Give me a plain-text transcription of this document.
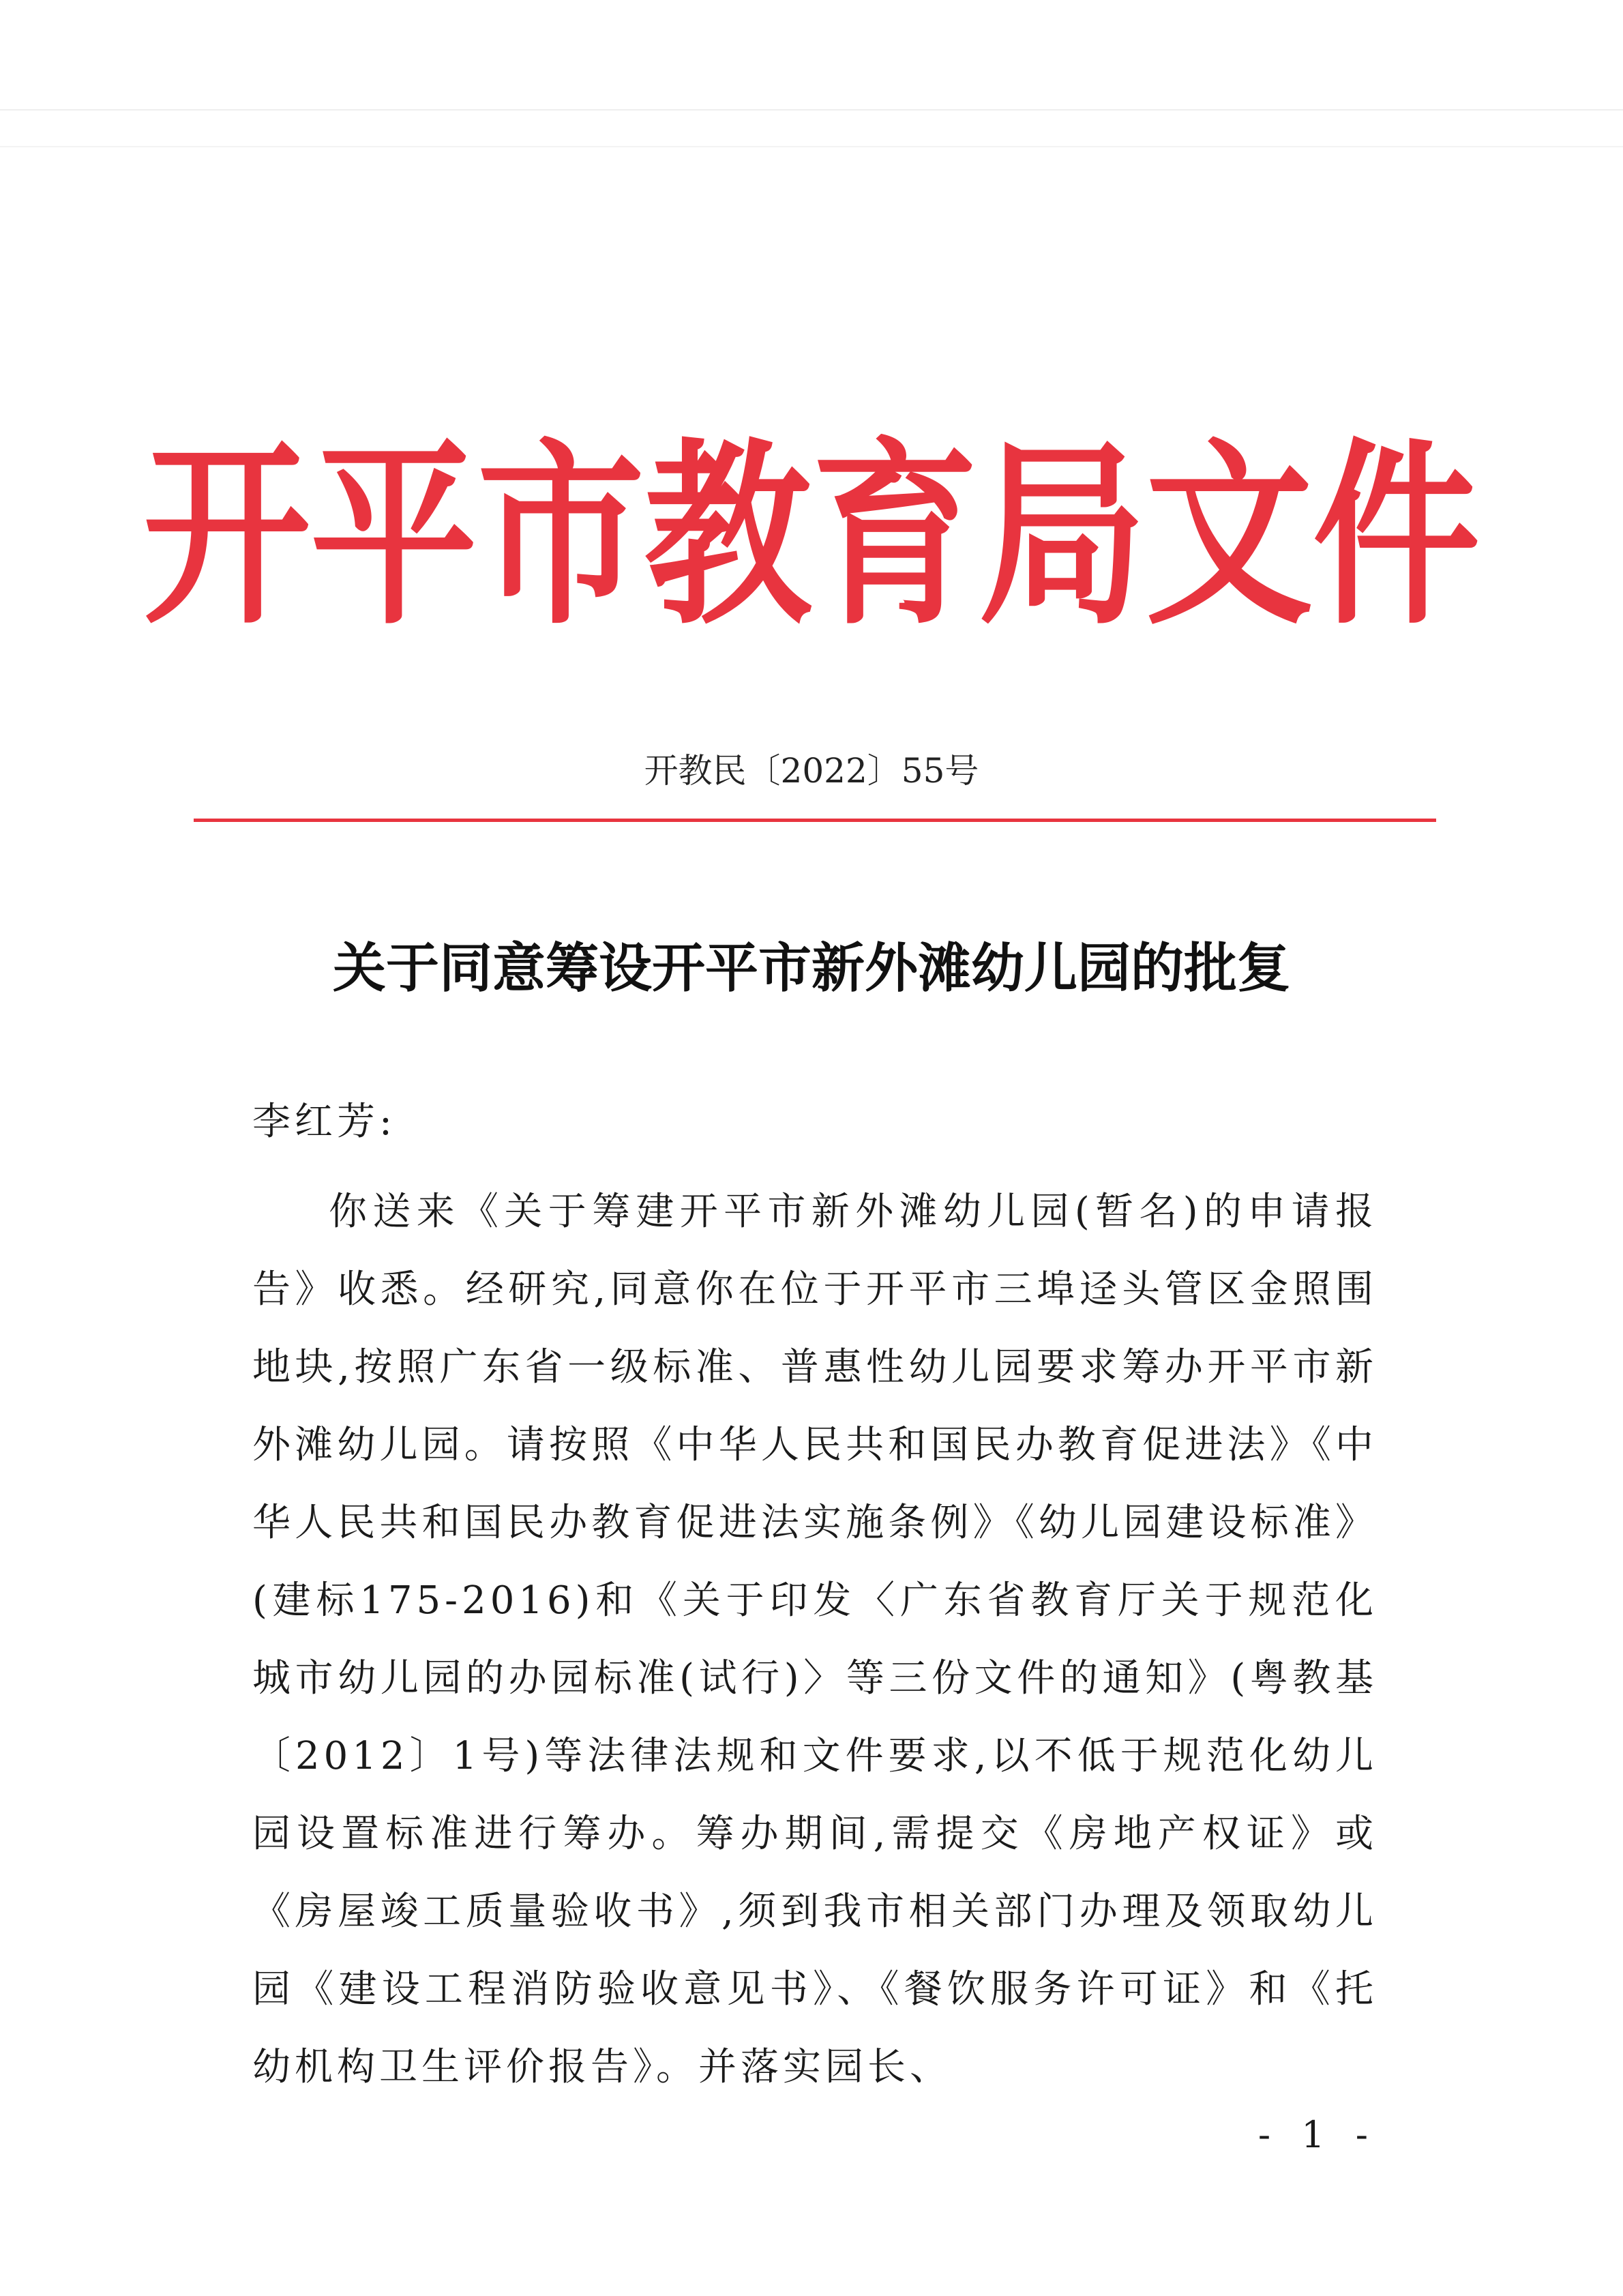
开平市教育局文件
开教民〔2022〕55号
关于同意筹设开平市新外滩幼儿园的批复
李红芳:

你送来《关于筹建开平市新外滩幼儿园(暂名)的申请报告》收悉。经研究,同意你在位于开平市三埠迳头管区金照围地块,按照广东省一级标准、普惠性幼儿园要求筹办开平市新外滩幼儿园。请按照《中华人民共和国民办教育促进法》《中华人民共和国民办教育促进法实施条例》《幼儿园建设标准》(建标175-2016)和《关于印发〈广东省教育厅关于规范化城市幼儿园的办园标准(试行)〉等三份文件的通知》(粤教基〔2012〕1号)等法律法规和文件要求,以不低于规范化幼儿园设置标准进行筹办。筹办期间,需提交《房地产权证》或《房屋竣工质量验收书》,须到我市相关部门办理及领取幼儿园《建设工程消防验收意见书》、《餐饮服务许可证》和《托幼机构卫生评价报告》。并落实园长、

- 1 -
